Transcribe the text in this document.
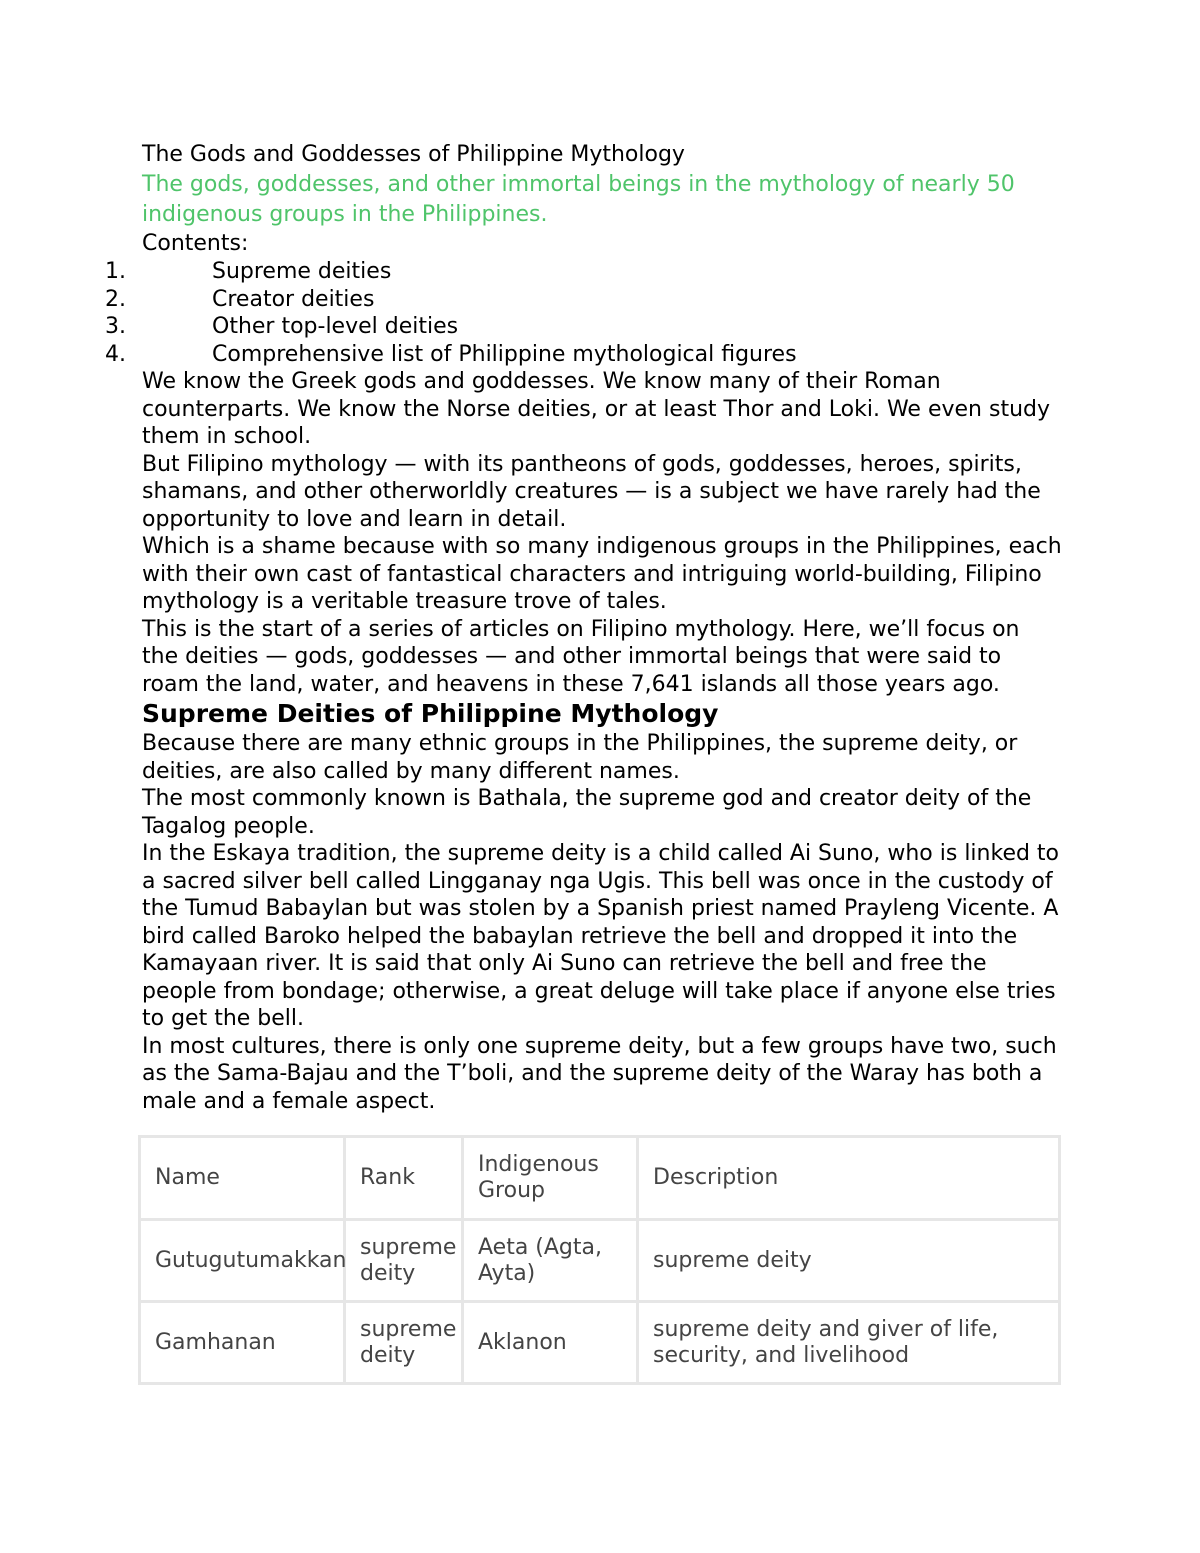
The Gods and Goddesses of Philippine Mythology

The gods, goddesses, and other immortal beings in the mythology of nearly 50 indigenous groups in the Philippines.

Contents:

1.	Supreme deities
2.	Creator deities
3.	Other top-level deities
4.	Comprehensive list of Philippine mythological figures

We know the Greek gods and goddesses. We know many of their Roman counterparts. We know the Norse deities, or at least Thor and Loki. We even study them in school.

But Filipino mythology — with its pantheons of gods, goddesses, heroes, spirits, shamans, and other otherworldly creatures — is a subject we have rarely had the opportunity to love and learn in detail.

Which is a shame because with so many indigenous groups in the Philippines, each with their own cast of fantastical characters and intriguing world-building, Filipino mythology is a veritable treasure trove of tales.

This is the start of a series of articles on Filipino mythology. Here, we’ll focus on the deities — gods, goddesses — and other immortal beings that were said to roam the land, water, and heavens in these 7,641 islands all those years ago.

Supreme Deities of Philippine Mythology

Because there are many ethnic groups in the Philippines, the supreme deity, or deities, are also called by many different names.

The most commonly known is Bathala, the supreme god and creator deity of the Tagalog people.

In the Eskaya tradition, the supreme deity is a child called Ai Suno, who is linked to a sacred silver bell called Lingganay nga Ugis. This bell was once in the custody of the Tumud Babaylan but was stolen by a Spanish priest named Prayleng Vicente. A bird called Baroko helped the babaylan retrieve the bell and dropped it into the Kamayaan river. It is said that only Ai Suno can retrieve the bell and free the people from bondage; otherwise, a great deluge will take place if anyone else tries to get the bell.

In most cultures, there is only one supreme deity, but a few groups have two, such as the Sama-Bajau and the T’boli, and the supreme deity of the Waray has both a male and a female aspect.

Name	Rank	Indigenous Group	Description
Gutugutumakkan	supreme deity	Aeta (Agta, Ayta)	supreme deity
Gamhanan	supreme deity	Aklanon	supreme deity and giver of life, security, and livelihood
